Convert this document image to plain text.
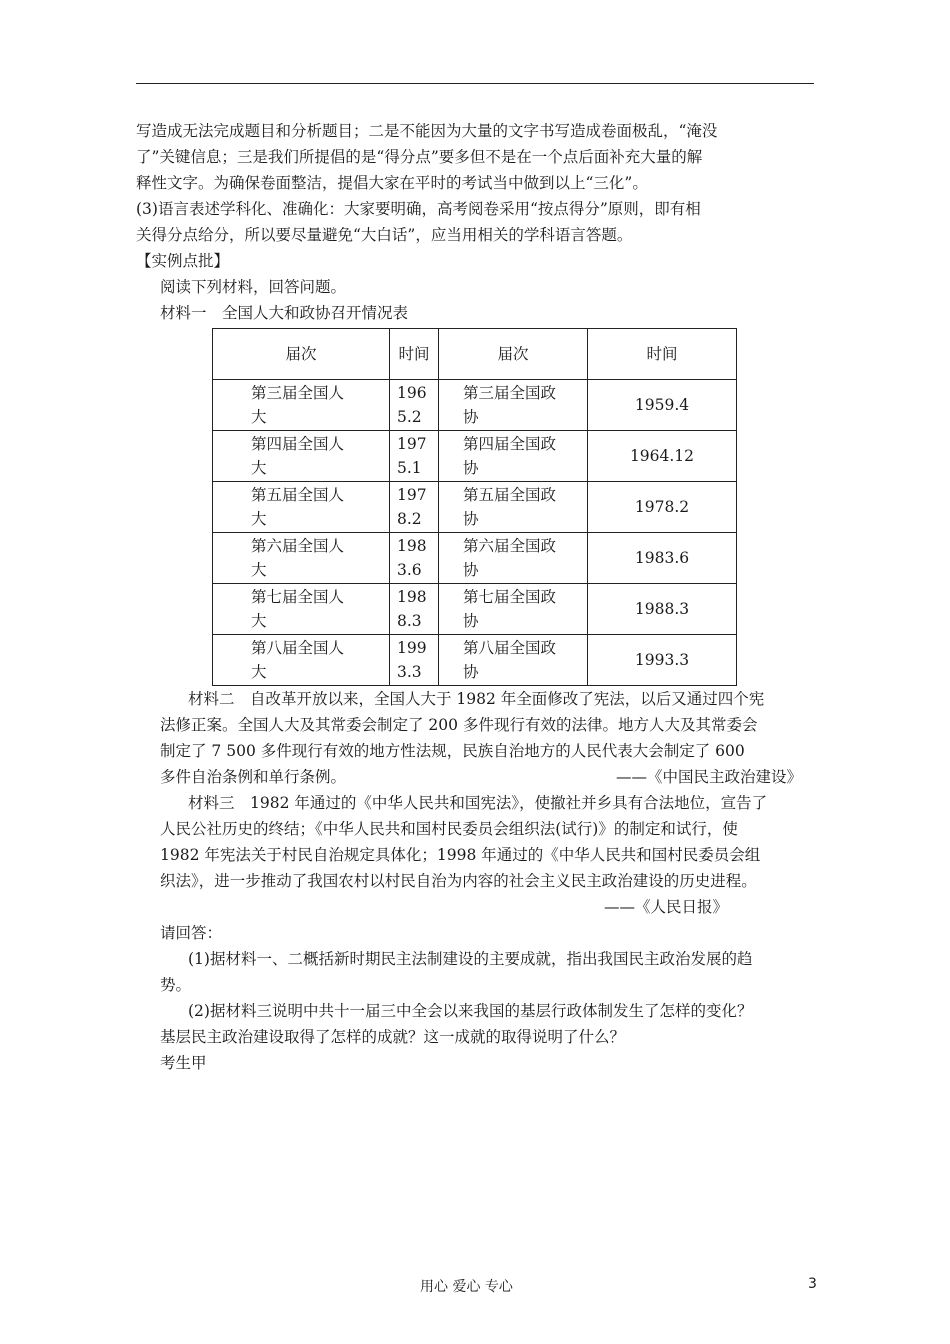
写造成无法完成题目和分析题目；二是不能因为大量的文字书写造成卷面极乱，“淹没

了”关键信息；三是我们所提倡的是“得分点”要多但不是在一个点后面补充大量的解

释性文字。为确保卷面整洁，提倡大家在平时的考试当中做到以上“三化”。

(3)语言表述学科化、准确化：大家要明确，高考阅卷采用“按点得分”原则，即有相

关得分点给分，所以要尽量避免“大白话”，应当用相关的学科语言答题。

【实例点批】

阅读下列材料，回答问题。

材料一　全国人大和政协召开情况表

届次	时间	届次	时间
第三届全国人大	1965.2	第三届全国政协	1959.4
第四届全国人大	1975.1	第四届全国政协	1964.12
第五届全国人大	1978.2	第五届全国政协	1978.2
第六届全国人大	1983.6	第六届全国政协	1983.6
第七届全国人大	1988.3	第七届全国政协	1988.3
第八届全国人大	1993.3	第八届全国政协	1993.3

材料二　自改革开放以来，全国人大于 1982 年全面修改了宪法，以后又通过四个宪

法修正案。全国人大及其常委会制定了 200 多件现行有效的法律。地方人大及其常委会

制定了 7 500 多件现行有效的地方性法规，民族自治地方的人民代表大会制定了 600

多件自治条例和单行条例。	——《中国民主政治建设》

材料三　1982 年通过的《中华人民共和国宪法》，使撤社并乡具有合法地位，宣告了

人民公社历史的终结；《中华人民共和国村民委员会组织法(试行)》的制定和试行，使

1982 年宪法关于村民自治规定具体化；1998 年通过的《中华人民共和国村民委员会组

织法》，进一步推动了我国农村以村民自治为内容的社会主义民主政治建设的历史进程。

——《人民日报》

请回答：

(1)据材料一、二概括新时期民主法制建设的主要成就，指出我国民主政治发展的趋

势。

(2)据材料三说明中共十一届三中全会以来我国的基层行政体制发生了怎样的变化？

基层民主政治建设取得了怎样的成就？这一成就的取得说明了什么？

考生甲

用心 爱心 专心	3
